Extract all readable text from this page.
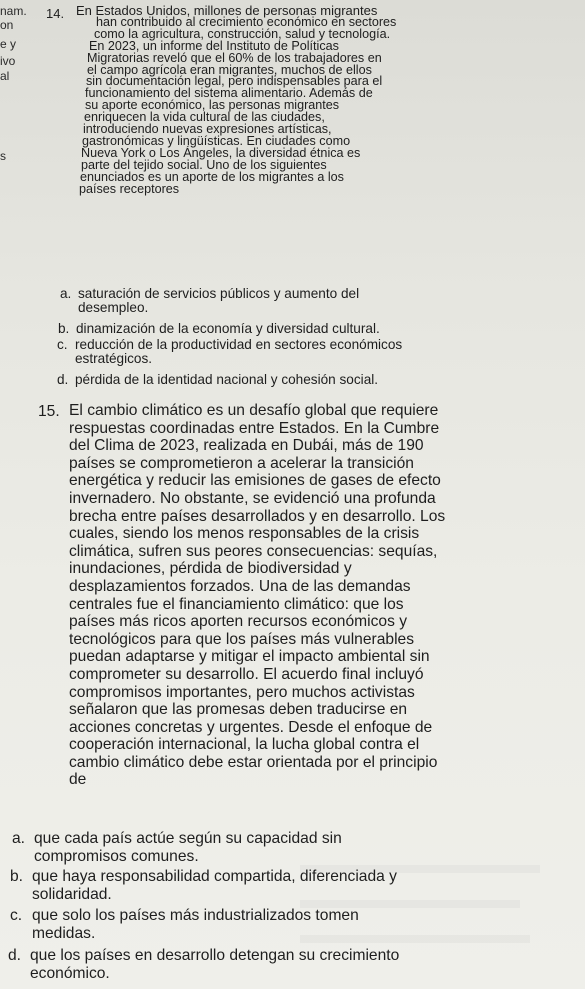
nam.
on
e y
ivo
al
s
14. En Estados Unidos, millones de personas migrantes
han contribuido al crecimiento económico en sectores
como la agricultura, construcción, salud y tecnología.
En 2023, un informe del Instituto de Políticas
Migratorias reveló que el 60% de los trabajadores en
el campo agrícola eran migrantes, muchos de ellos
sin documentación legal, pero indispensables para el
funcionamiento del sistema alimentario. Además de
su aporte económico, las personas migrantes
enriquecen la vida cultural de las ciudades,
introduciendo nuevas expresiones artísticas,
gastronómicas y lingüísticas. En ciudades como
Nueva York o Los Ángeles, la diversidad étnica es
parte del tejido social. Uno de los siguientes
enunciados es un aporte de los migrantes a los
países receptores
a. saturación de servicios públicos y aumento del
desempleo.
b. dinamización de la economía y diversidad cultural.
c. reducción de la productividad en sectores económicos
estratégicos.
d. pérdida de la identidad nacional y cohesión social.
15. El cambio climático es un desafío global que requiere
respuestas coordinadas entre Estados. En la Cumbre
del Clima de 2023, realizada en Dubái, más de 190
países se comprometieron a acelerar la transición
energética y reducir las emisiones de gases de efecto
invernadero. No obstante, se evidenció una profunda
brecha entre países desarrollados y en desarrollo. Los
cuales, siendo los menos responsables de la crisis
climática, sufren sus peores consecuencias: sequías,
inundaciones, pérdida de biodiversidad y
desplazamientos forzados. Una de las demandas
centrales fue el financiamiento climático: que los
países más ricos aporten recursos económicos y
tecnológicos para que los países más vulnerables
puedan adaptarse y mitigar el impacto ambiental sin
comprometer su desarrollo. El acuerdo final incluyó
compromisos importantes, pero muchos activistas
señalaron que las promesas deben traducirse en
acciones concretas y urgentes. Desde el enfoque de
cooperación internacional, la lucha global contra el
cambio climático debe estar orientada por el principio
de
a. que cada país actúe según su capacidad sin
compromisos comunes.
b. que haya responsabilidad compartida, diferenciada y
solidaridad.
c. que solo los países más industrializados tomen
medidas.
d. que los países en desarrollo detengan su crecimiento
económico.
